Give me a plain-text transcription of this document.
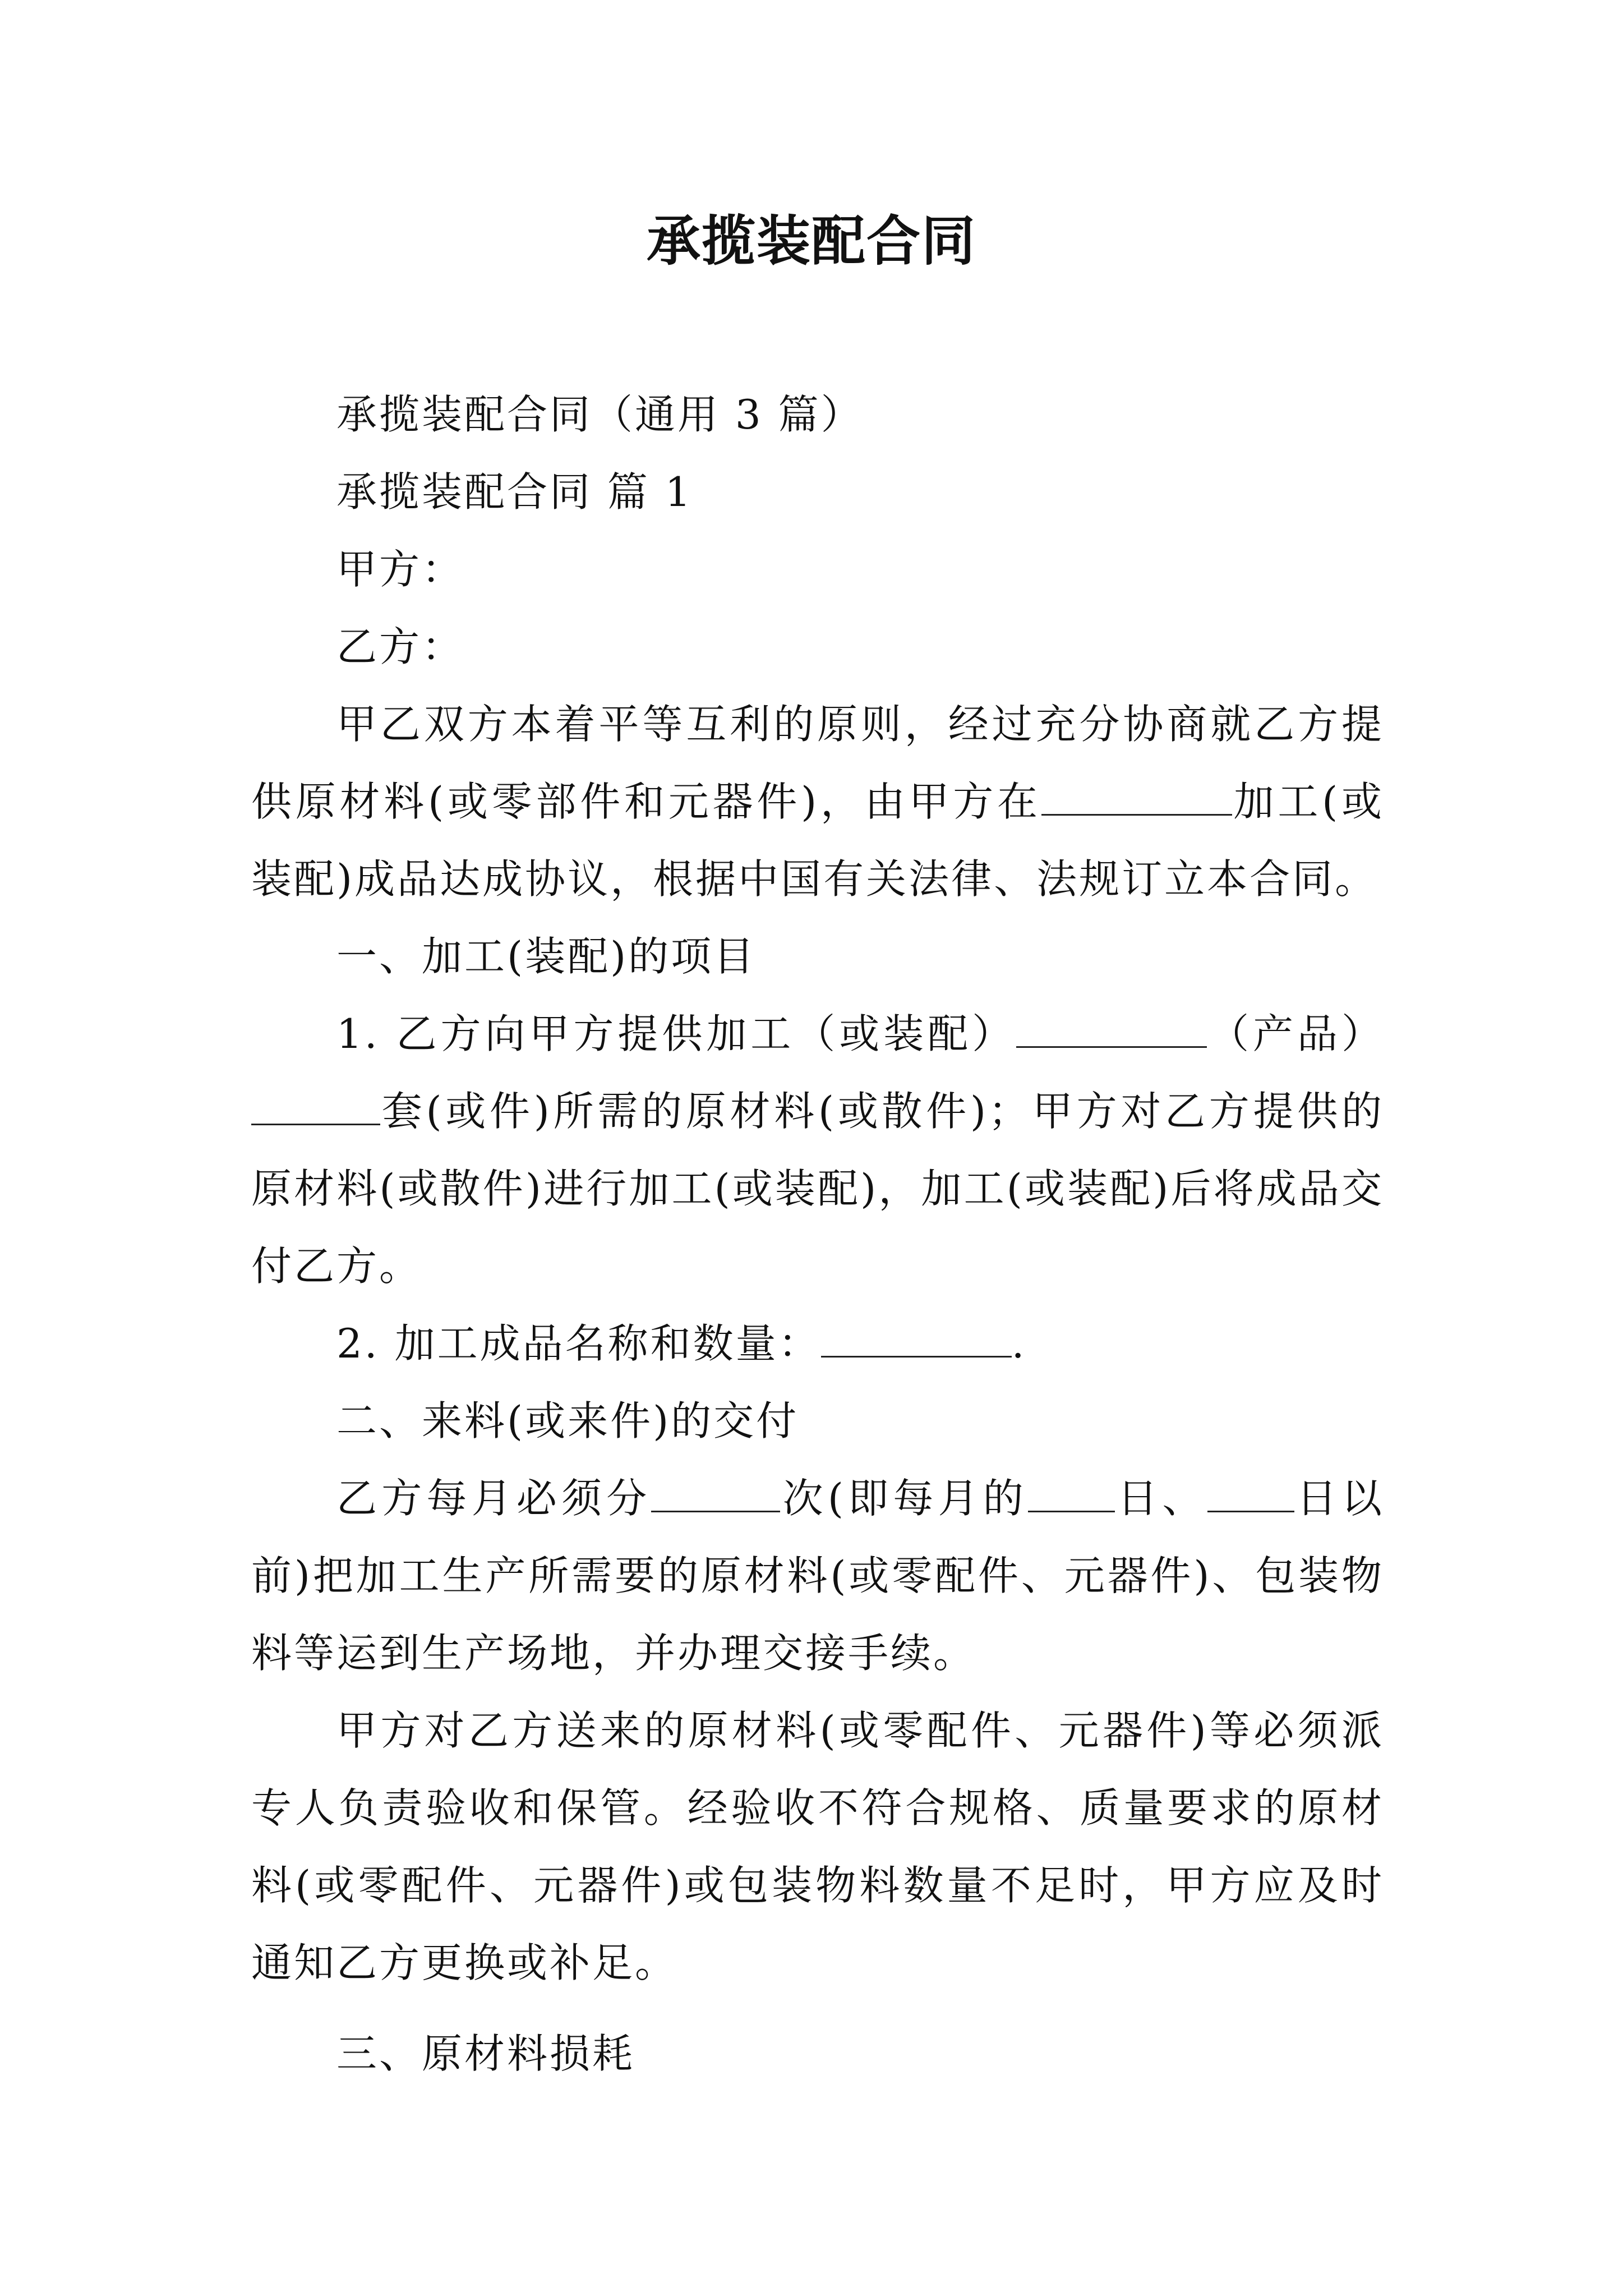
承揽装配合同

承揽装配合同（通用 3 篇）

承揽装配合同 篇 1

甲方：

乙方：

甲乙双方本着平等互利的原则，经过充分协商就乙方提供原材料(或零部件和元器件)，由甲方在	加工(或装配)成品达成协议，根据中国有关法律、法规订立本合同。

一、加工(装配)的项目

1. 乙方向甲方提供加工（或装配）	（产品）套(或件)所需的原材料(或散件)；甲方对乙方提供的原材料(或散件)进行加工(或装配)，加工(或装配)后将成品交付乙方。

2. 加工成品名称和数量：	.

二、来料(或来件)的交付

乙方每月必须分	次(即每月的 日、 日以前)把加工生产所需要的原材料(或零配件、元器件)、包装物料等运到生产场地，并办理交接手续。

甲方对乙方送来的原材料(或零配件、元器件)等必须派专人负责验收和保管。经验收不符合规格、质量要求的原材料(或零配件、元器件)或包装物料数量不足时，甲方应及时通知乙方更换或补足。

三、原材料损耗
